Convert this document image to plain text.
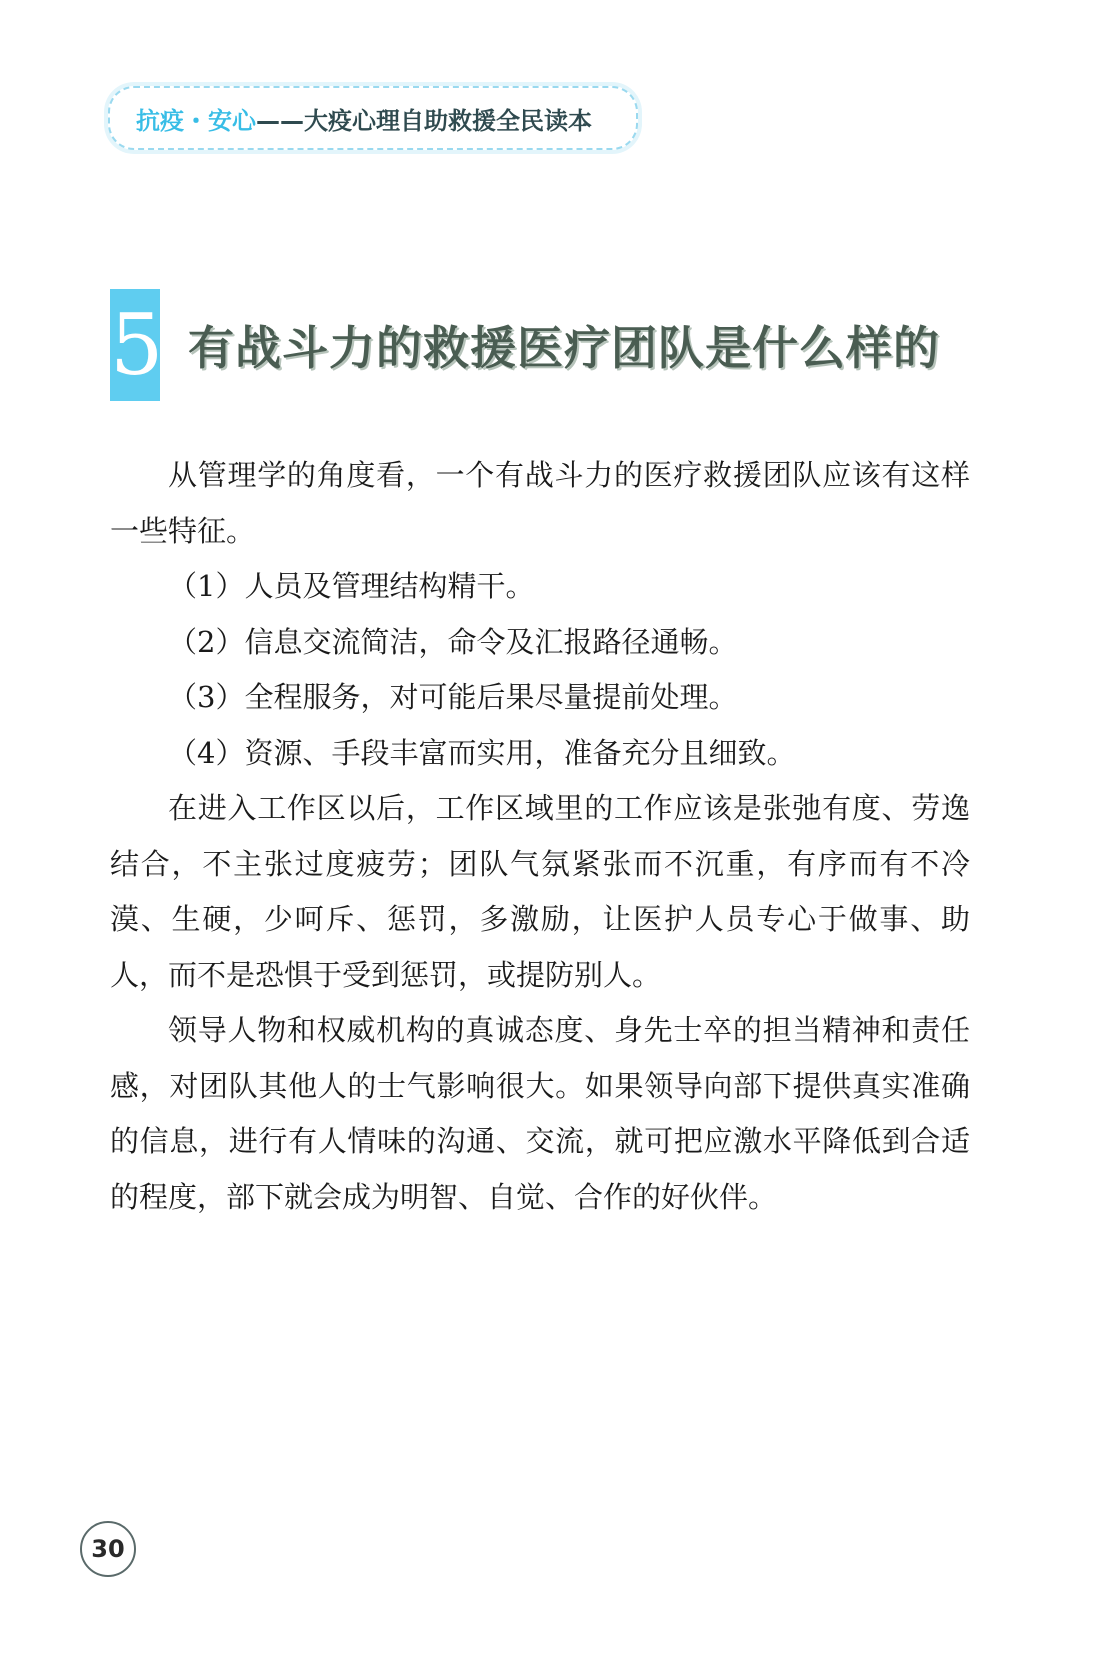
抗疫・安心 ——大疫心理自助救援全民读本
5 有战斗力的救援医疗团队是什么样的

从管理学的角度看，一个有战斗力的医疗救援团队应该有这样一些特征。

（1）人员及管理结构精干。

（2）信息交流简洁，命令及汇报路径通畅。

（3）全程服务，对可能后果尽量提前处理。

（4）资源、手段丰富而实用，准备充分且细致。

在进入工作区以后，工作区域里的工作应该是张弛有度、劳逸结合，不主张过度疲劳；团队气氛紧张而不沉重，有序而有不冷漠、生硬，少呵斥、惩罚，多激励，让医护人员专心于做事、助人，而不是恐惧于受到惩罚，或提防别人。

领导人物和权威机构的真诚态度、身先士卒的担当精神和责任感，对团队其他人的士气影响很大。如果领导向部下提供真实准确的信息，进行有人情味的沟通、交流，就可把应激水平降低到合适的程度，部下就会成为明智、自觉、合作的好伙伴。

30
